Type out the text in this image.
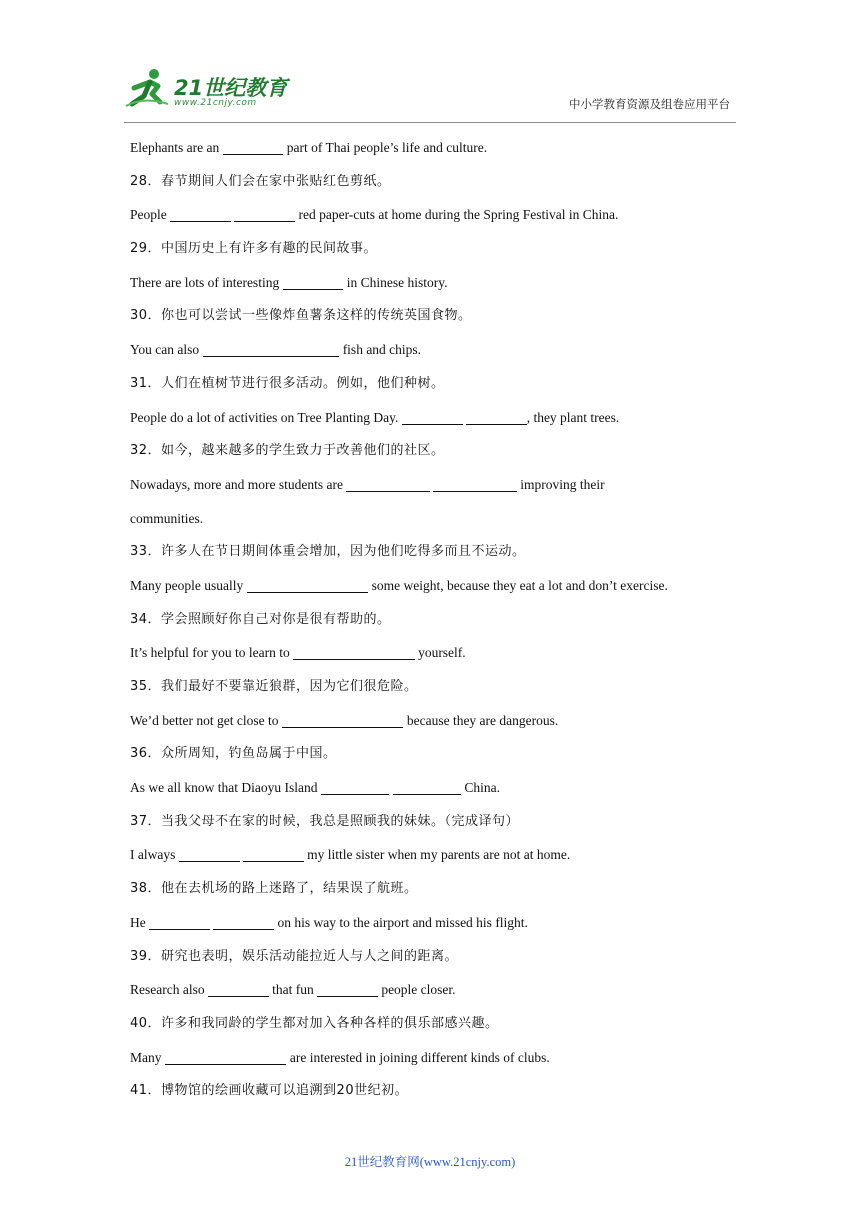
21世纪教育
www.21cnjy.com	中小学教育资源及组卷应用平台
Elephants are an	part of Thai people’s life and culture.
28．春节期间人们会在家中张贴红色剪纸。
People	red paper-cuts at home during the Spring Festival in China.
29．中国历史上有许多有趣的民间故事。
There are lots of interesting	in Chinese history.
30．你也可以尝试一些像炸鱼薯条这样的传统英国食物。
You can also	fish and chips.
31．人们在植树节进行很多活动。例如，他们种树。
People do a lot of activities on Tree Planting Day.	, they plant trees.
32．如今，越来越多的学生致力于改善他们的社区。
Nowadays, more and more students are	improving their
communities.
33．许多人在节日期间体重会增加，因为他们吃得多而且不运动。
Many people usually	some weight, because they eat a lot and don’t exercise.
34．学会照顾好你自己对你是很有帮助的。
It’s helpful for you to learn to	yourself.
35．我们最好不要靠近狼群，因为它们很危险。
We’d better not get close to	because they are dangerous.
36．众所周知，钓鱼岛属于中国。
As we all know that Diaoyu Island	China.
37．当我父母不在家的时候，我总是照顾我的妹妹。（完成译句）
I always	my little sister when my parents are not at home.
38．他在去机场的路上迷路了，结果误了航班。
He	on his way to the airport and missed his flight.
39．研究也表明，娱乐活动能拉近人与人之间的距离。
Research also	that fun	people closer.
40．许多和我同龄的学生都对加入各种各样的俱乐部感兴趣。
Many	are interested in joining different kinds of clubs.
41．博物馆的绘画收藏可以追溯到20世纪初。
21世纪教育网(www.21cnjy.com)
